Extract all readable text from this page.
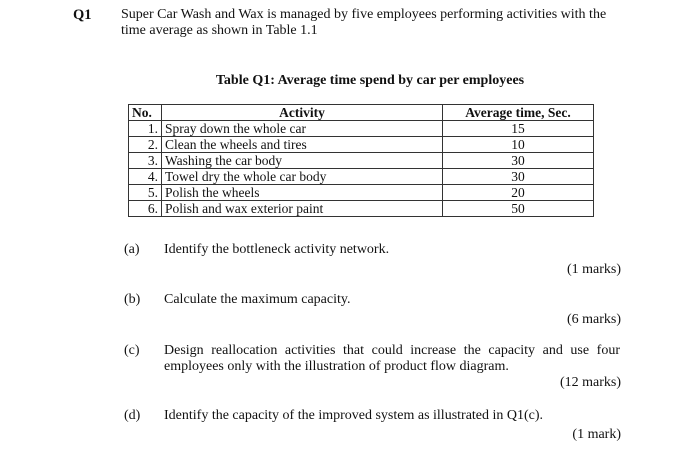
Q1 Super Car Wash and Wax is managed by five employees performing activities with the
time average as shown in Table 1.1
Table Q1: Average time spend by car per employees
No.	Activity	Average time, Sec.
1.	Spray down the whole car	15
2.	Clean the wheels and tires	10
3.	Washing the car body	30
4.	Towel dry the whole car body	30
5.	Polish the wheels	20
6.	Polish and wax exterior paint	50
(a) Identify the bottleneck activity network.
(1 marks)
(b) Calculate the maximum capacity.
(6 marks)
(c) Design reallocation activities that could increase the capacity and use four
employees only with the illustration of product flow diagram.
(12 marks)
(d) Identify the capacity of the improved system as illustrated in Q1(c).
(1 mark)
